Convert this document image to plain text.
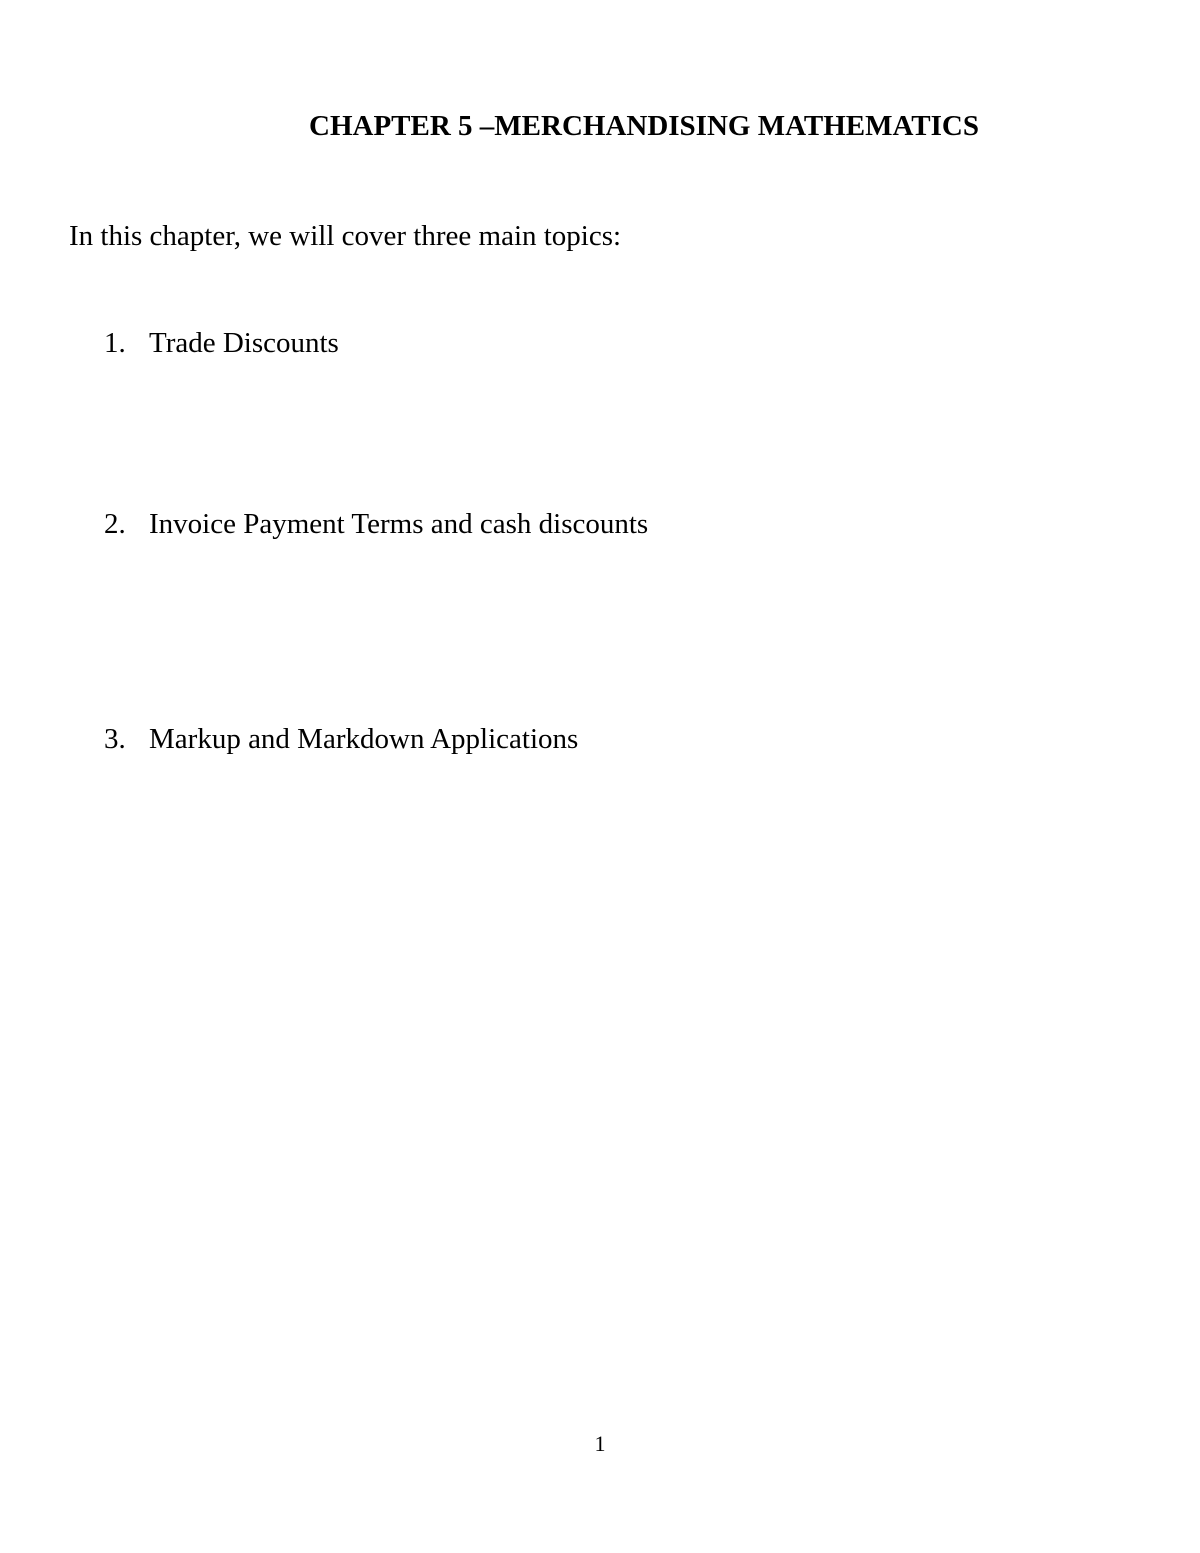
CHAPTER 5 –MERCHANDISING MATHEMATICS
In this chapter, we will cover three main topics:
1. Trade Discounts
2. Invoice Payment Terms and cash discounts
3. Markup and Markdown Applications
1
